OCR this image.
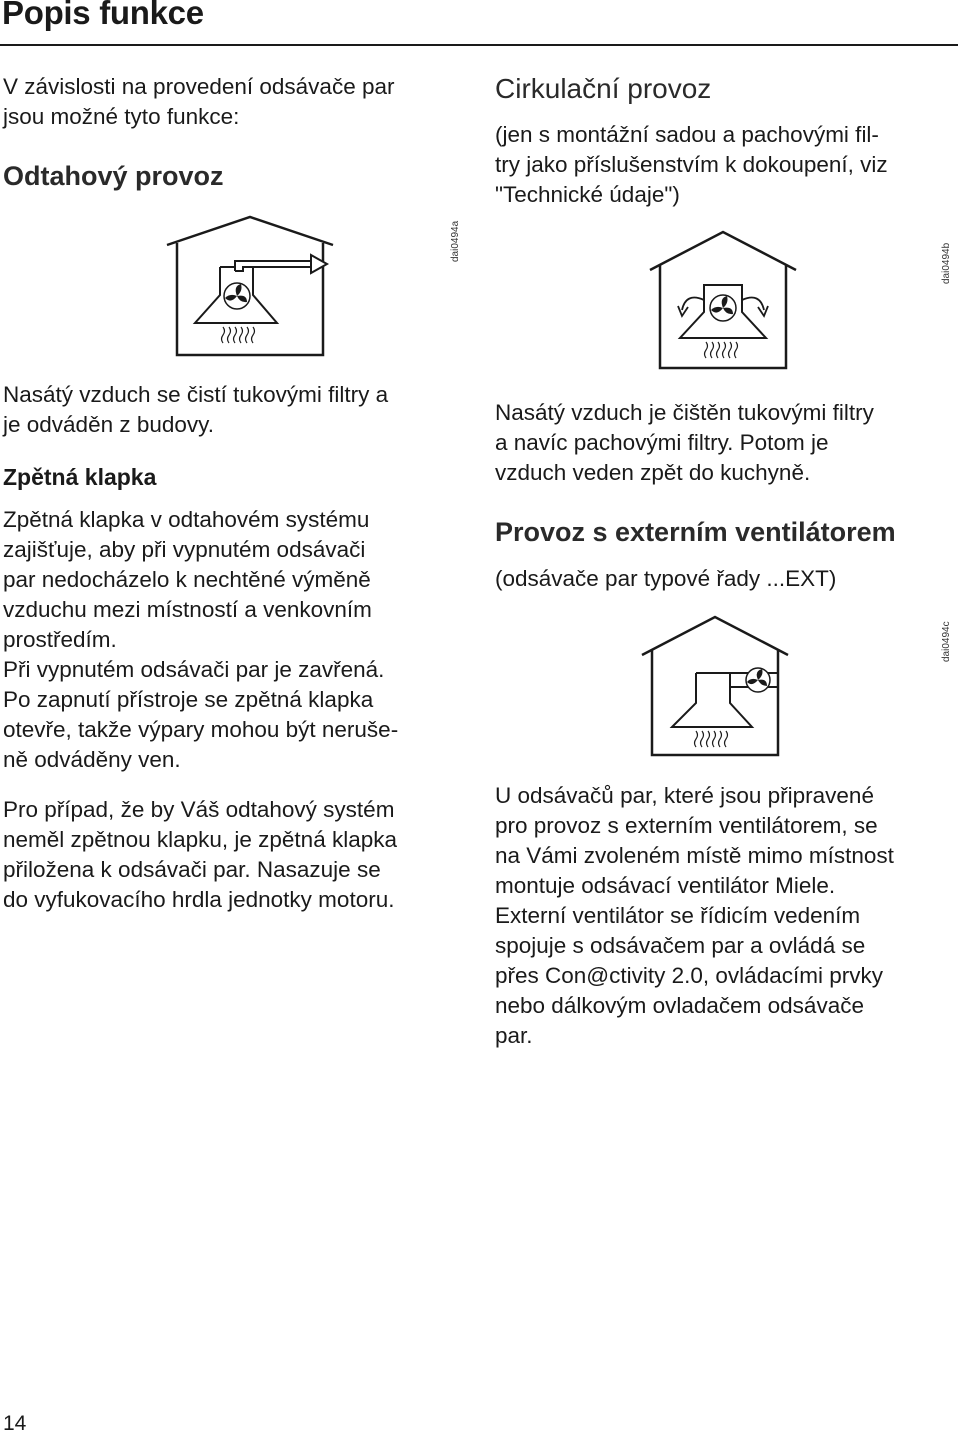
Popis funkce

V závislosti na provedení odsávače par

jsou možné tyto funkce:

Odtahový provoz
dai0494a

Nasátý vzduch se čistí tukovými filtry a

je odváděn z budovy.

Zpětná klapka

Zpětná klapka v odtahovém systému

zajišťuje, aby při vypnutém odsávači

par nedocházelo k nechtěné výměně

vzduchu mezi místností a venkovním

prostředím.

Při vypnutém odsávači par je zavřená.

Po zapnutí přístroje se zpětná klapka

otevře, takže výpary mohou být neruše-

ně odváděny ven.

Pro případ, že by Váš odtahový systém

neměl zpětnou klapku, je zpětná klapka

přiložena k odsávači par. Nasazuje se

do vyfukovacího hrdla jednotky motoru.

Cirkulační provoz

(jen s montážní sadou a pachovými fil-

try jako příslušenstvím k dokoupení, viz

"Technické údaje")

dai0494b

Nasátý vzduch je čištěn tukovými filtry

a navíc pachovými filtry. Potom je

vzduch veden zpět do kuchyně.

Provoz s externím ventilátorem
(odsávače par typové řady ...EXT)
dai0494c

U odsávačů par, které jsou připravené

pro provoz s externím ventilátorem, se

na Vámi zvoleném místě mimo místnost

montuje odsávací ventilátor Miele.

Externí ventilátor se řídicím vedením

spojuje s odsávačem par a ovládá se

přes Con@ctivity 2.0, ovládacími prvky

nebo dálkovým ovladačem odsávače

par.

14
